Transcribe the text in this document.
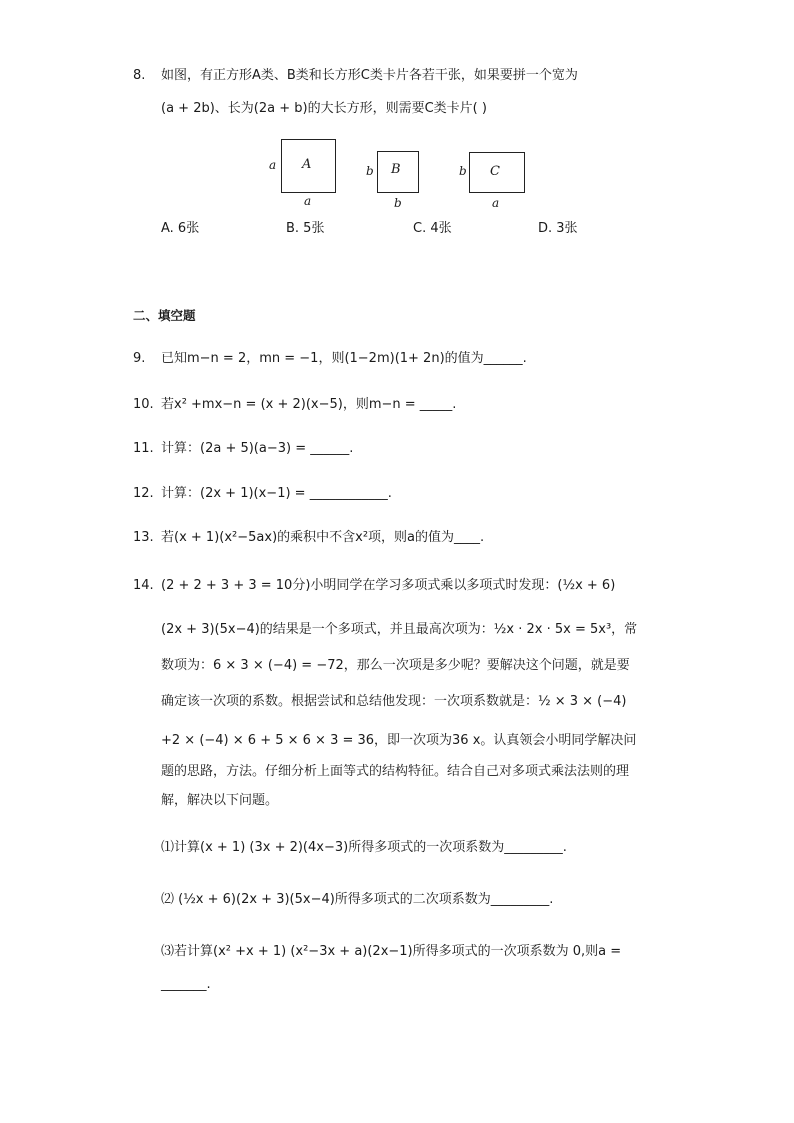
8. 如图，有正方形A类、B类和长方形C类卡片各若干张，如果要拼一个宽为
(a + 2b)、长为(2a + b)的大长方形，则需要C类卡片( )
A
a
a
B
b
b
C
b
a
A. 6张	B. 5张	C. 4张	D. 3张
二、填空题
9. 已知m−n = 2，mn = −1，则(1−2m)(1+ 2n)的值为______.
10. 若x² +mx−n = (x + 2)(x−5)，则m−n = _____.
11. 计算：(2a + 5)(a−3) = ______.
12. 计算：(2x + 1)(x−1) = ____________.
13. 若(x + 1)(x²−5ax)的乘积中不含x²项，则a的值为____.
14. (2 + 2 + 3 + 3 = 10分)小明同学在学习多项式乘以多项式时发现：(½x + 6)
(2x + 3)(5x−4)的结果是一个多项式，并且最高次项为：½x · 2x · 5x = 5x³，常
数项为：6 × 3 × (−4) = −72，那么一次项是多少呢？要解决这个问题，就是要
确定该一次项的系数。根据尝试和总结他发现：一次项系数就是：½ × 3 × (−4)
+2 × (−4) × 6 + 5 × 6 × 3 = 36，即一次项为36 x。认真领会小明同学解决问
题的思路，方法。仔细分析上面等式的结构特征。结合自己对多项式乘法法则的理
解，解决以下问题。
⑴计算(x + 1) (3x + 2)(4x−3)所得多项式的一次项系数为_________.
⑵ (½x + 6)(2x + 3)(5x−4)所得多项式的二次项系数为_________.
⑶若计算(x² +x + 1) (x²−3x + a)(2x−1)所得多项式的一次项系数为 0,则a =
_______.
